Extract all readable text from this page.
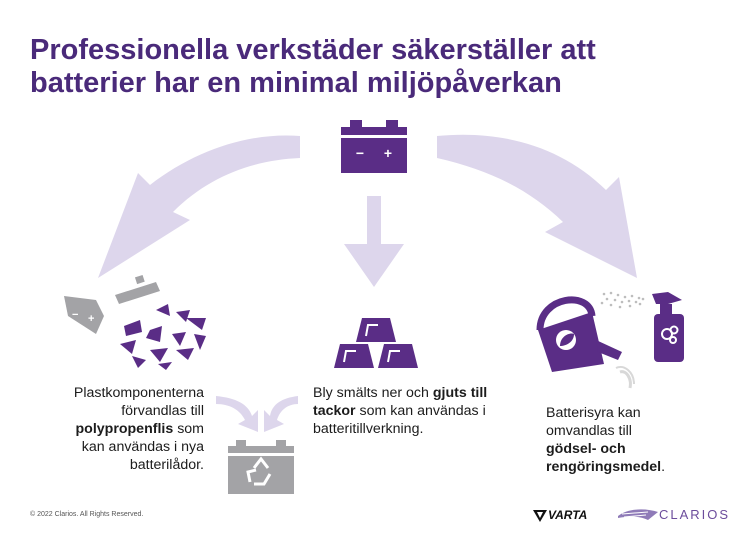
Professionella verkstäder säkerställer att
batterier har en minimal miljöpåverkan
− +
− +
Plastkomponenterna
förvandlas till
polypropenflis som
kan användas i nya
batterilådor.
Bly smälts ner och gjuts till
tackor som kan användas i
batteritillverkning.
Batterisyra kan
omvandlas till
gödsel- och
rengöringsmedel.
© 2022 Clarios. All Rights Reserved.	VARTA	CLARIOS
